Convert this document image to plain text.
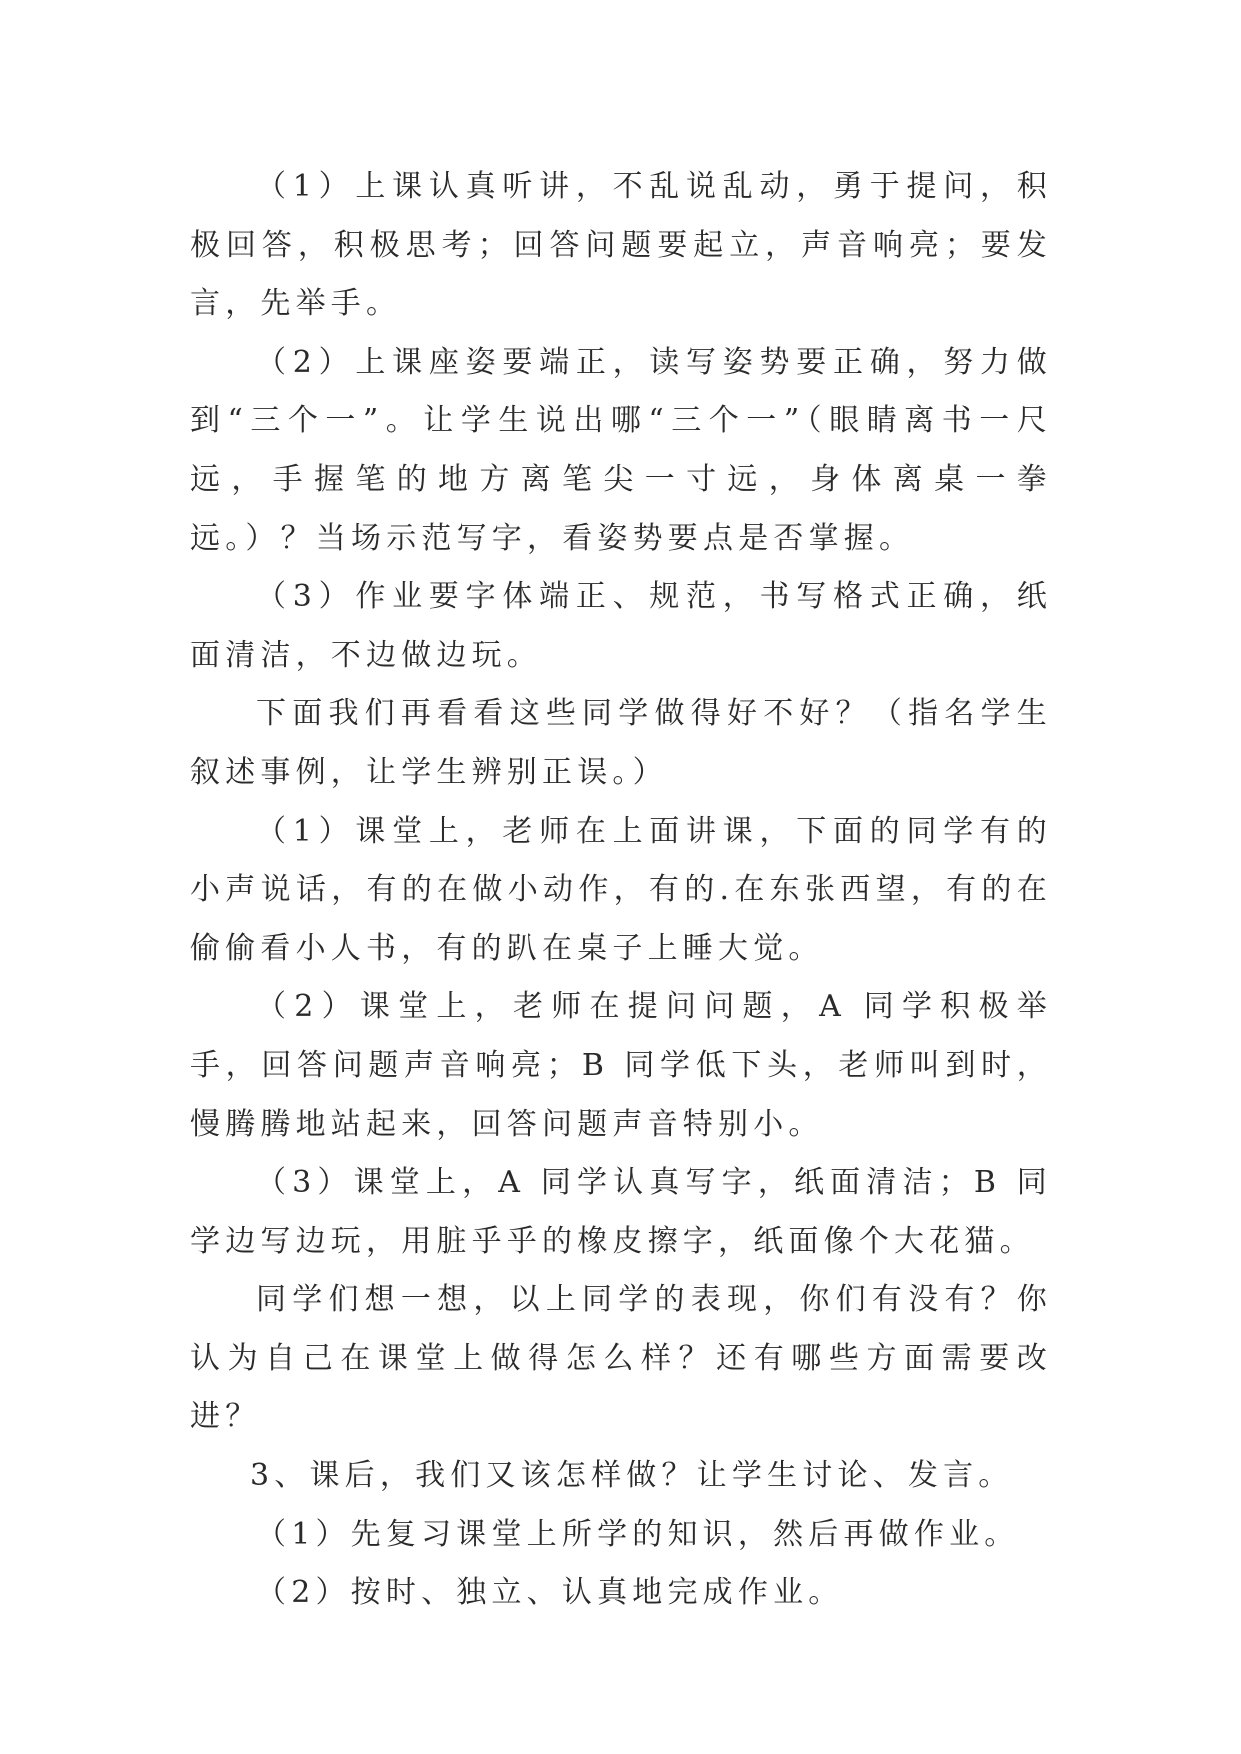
（1）上课认真听讲，不乱说乱动，勇于提问，积极回答，积极思考；回答问题要起立，声音响亮；要发言，先举手。

（2）上课座姿要端正，读写姿势要正确，努力做到“三个一”。让学生说出哪“三个一”（眼睛离书一尺远，手握笔的地方离笔尖一寸远，身体离桌一拳远。）？当场示范写字，看姿势要点是否掌握。

（3）作业要字体端正、规范，书写格式正确，纸面清洁，不边做边玩。

下面我们再看看这些同学做得好不好？（指名学生叙述事例，让学生辨别正误。）

（1）课堂上，老师在上面讲课，下面的同学有的小声说话，有的在做小动作，有的.在东张西望，有的在偷偷看小人书，有的趴在桌子上睡大觉。

（2）课堂上，老师在提问问题，A 同学积极举手，回答问题声音响亮；B 同学低下头，老师叫到时，慢腾腾地站起来，回答问题声音特别小。

（3）课堂上，A 同学认真写字，纸面清洁；B 同学边写边玩，用脏乎乎的橡皮擦字，纸面像个大花猫。

同学们想一想，以上同学的表现，你们有没有？你认为自己在课堂上做得怎么样？还有哪些方面需要改进？

3、课后，我们又该怎样做？让学生讨论、发言。

（1）先复习课堂上所学的知识，然后再做作业。

（2）按时、独立、认真地完成作业。
